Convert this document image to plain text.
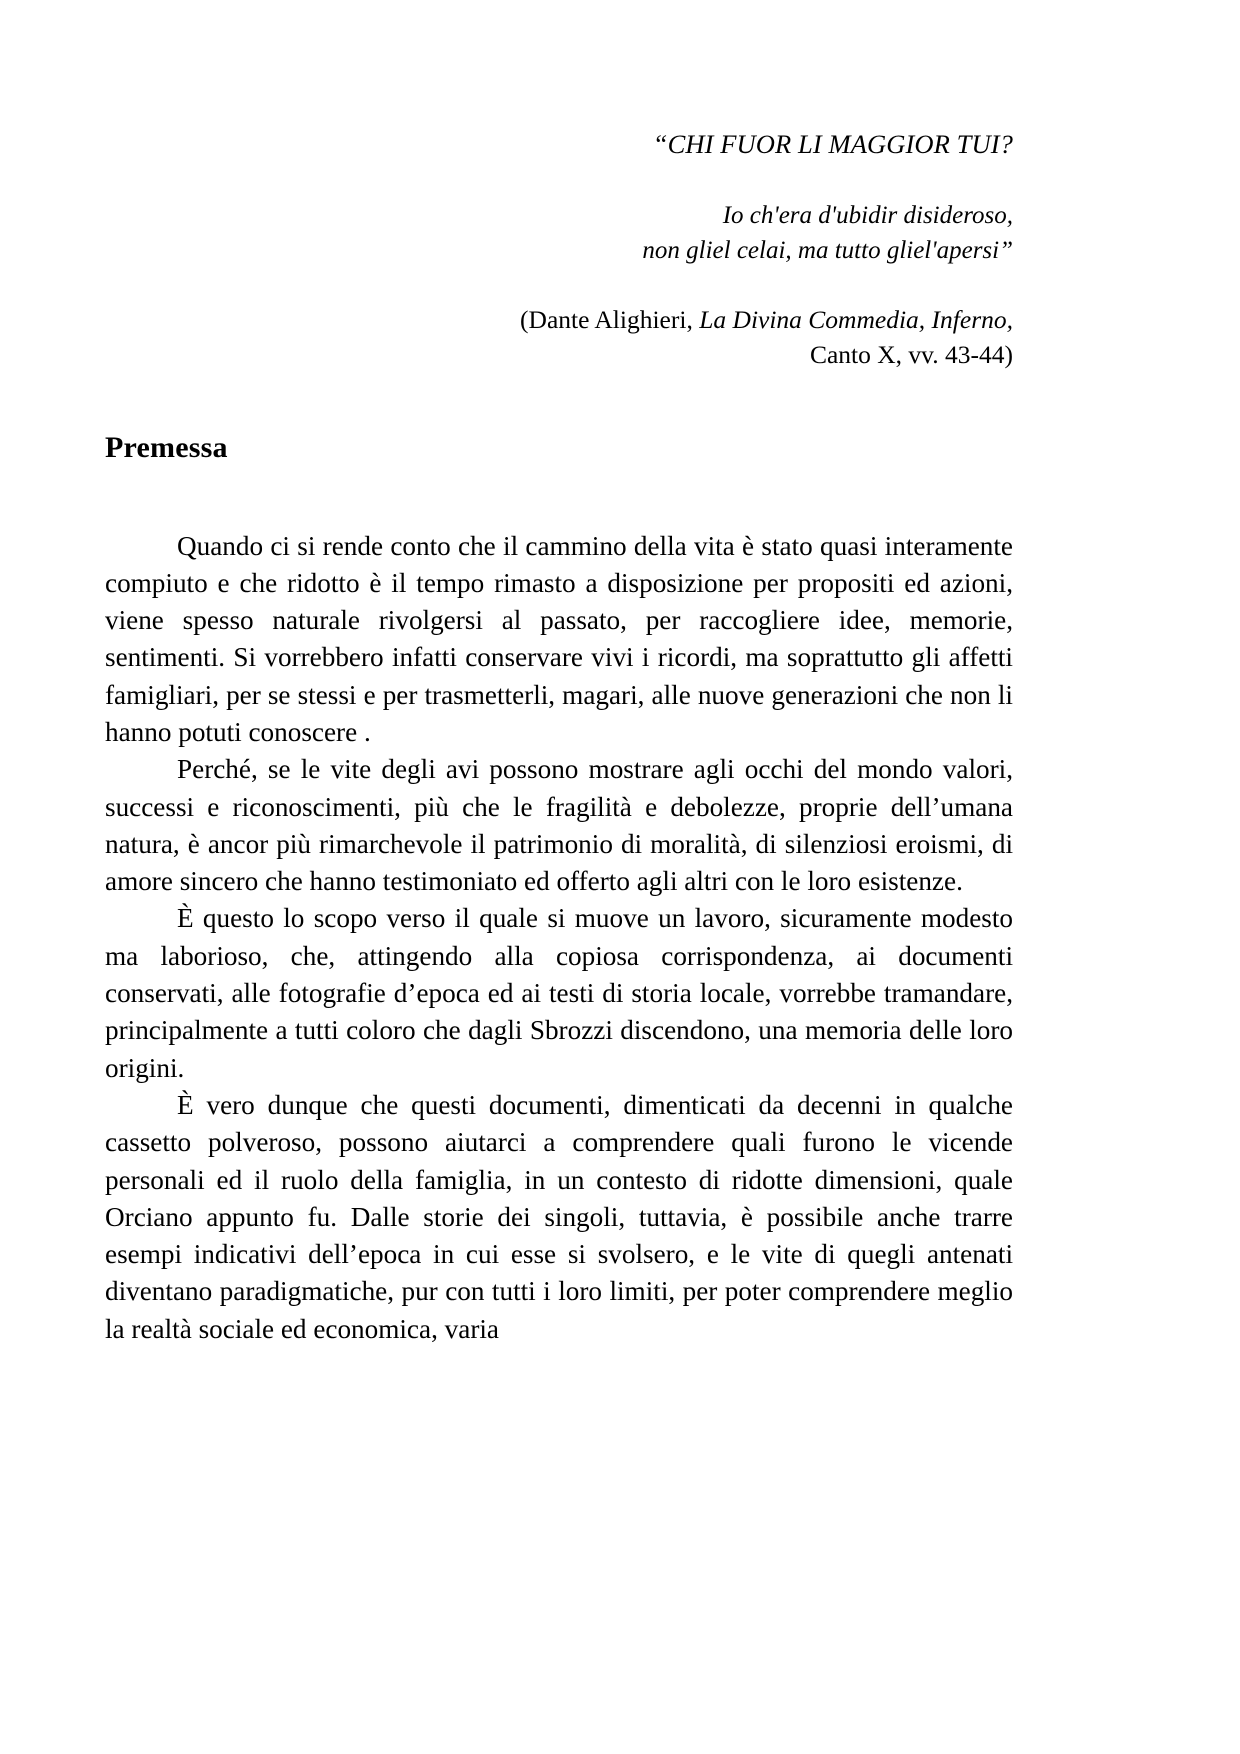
“CHI FUOR LI MAGGIOR TUI?
Io ch'era d'ubidir disideroso,
non gliel celai, ma tutto gliel'apersi”
(Dante Alighieri, La Divina Commedia, Inferno,
Canto X, vv. 43-44)
Premessa

Quando ci si rende conto che il cammino della vita è stato quasi interamente compiuto e che ridotto è il tempo rimasto a disposizione per propositi ed azioni, viene spesso naturale rivolgersi al passato, per raccogliere idee, memorie, sentimenti. Si vorrebbero infatti conservare vivi i ricordi, ma soprattutto gli affetti famigliari, per se stessi e per trasmetterli, magari, alle nuove generazioni che non li hanno potuti conoscere .

Perché, se le vite degli avi possono mostrare agli occhi del mondo valori, successi e riconoscimenti, più che le fragilità e debolezze, proprie dell’umana natura, è ancor più rimarchevole il patrimonio di moralità, di silenziosi eroismi, di amore sincero che hanno testimoniato ed offerto agli altri con le loro esistenze.

È questo lo scopo verso il quale si muove un lavoro, sicuramente modesto ma laborioso, che, attingendo alla copiosa corrispondenza, ai documenti conservati, alle fotografie d’epoca ed ai testi di storia locale, vorrebbe tramandare, principalmente a tutti coloro che dagli Sbrozzi discendono, una memoria delle loro origini.

È vero dunque che questi documenti, dimenticati da decenni in qualche cassetto polveroso, possono aiutarci a comprendere quali furono le vicende personali ed il ruolo della famiglia, in un contesto di ridotte dimensioni, quale Orciano appunto fu. Dalle storie dei singoli, tuttavia, è possibile anche trarre esempi indicativi dell’epoca in cui esse si svolsero, e le vite di quegli antenati diventano paradigmatiche, pur con tutti i loro limiti, per poter comprendere meglio la realtà sociale ed economica, varia
